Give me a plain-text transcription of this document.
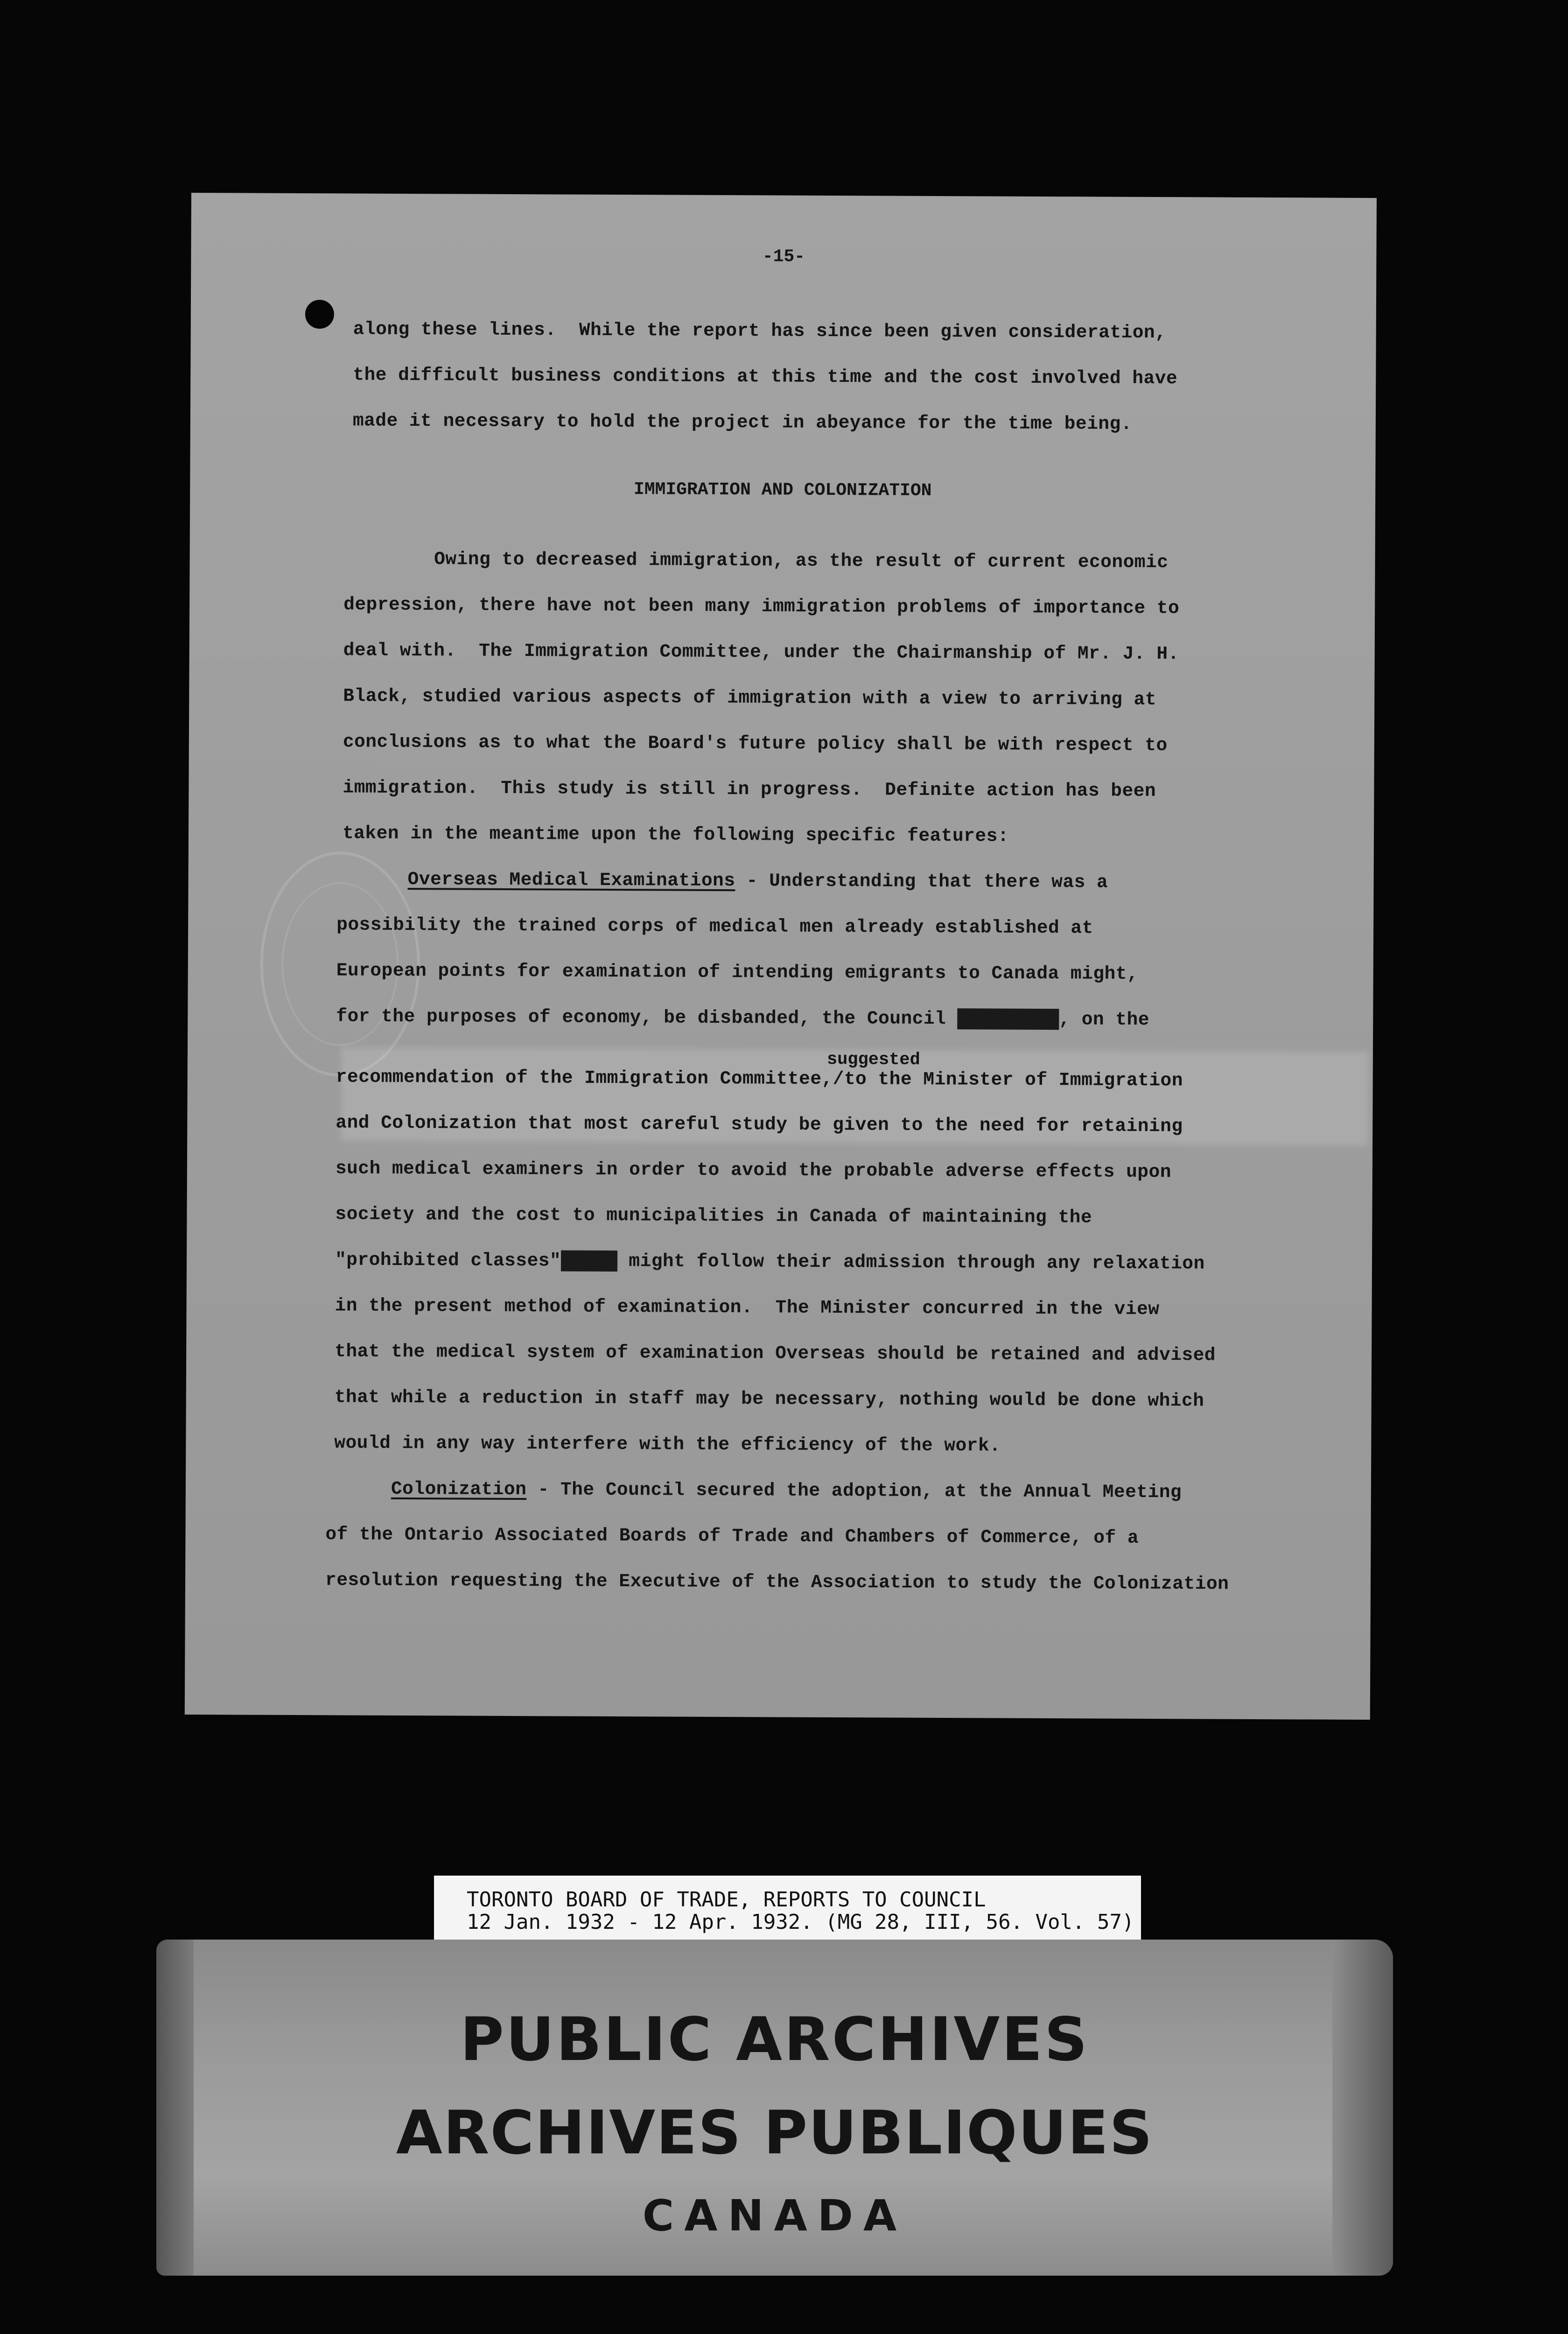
-15-
along these lines.  While the report has since been given consideration,
the difficult business conditions at this time and the cost involved have
made it necessary to hold the project in abeyance for the time being.
IMMIGRATION AND COLONIZATION
Owing to decreased immigration, as the result of current economic
depression, there have not been many immigration problems of importance to
deal with.  The Immigration Committee, under the Chairmanship of Mr. J. H.
Black, studied various aspects of immigration with a view to arriving at
conclusions as to what the Board's future policy shall be with respect to
immigration.  This study is still in progress.  Definite action has been
taken in the meantime upon the following specific features:
Overseas Medical Examinations - Understanding that there was a
possibility the trained corps of medical men already established at
European points for examination of intending emigrants to Canada might,
for the purposes of economy, be disbanded, the Council	, on the
suggested
recommendation of the Immigration Committee,/to the Minister of Immigration
and Colonization that most careful study be given to the need for retaining
such medical examiners in order to avoid the probable adverse effects upon
society and the cost to municipalities in Canada of maintaining the
"prohibited classes"	might follow their admission through any relaxation
in the present method of examination.  The Minister concurred in the view
that the medical system of examination Overseas should be retained and advised
that while a reduction in staff may be necessary, nothing would be done which
would in any way interfere with the efficiency of the work.
Colonization - The Council secured the adoption, at the Annual Meeting
of the Ontario Associated Boards of Trade and Chambers of Commerce, of a
resolution requesting the Executive of the Association to study the Colonization
TORONTO BOARD OF TRADE, REPORTS TO COUNCIL
12 Jan. 1932 - 12 Apr. 1932. (MG 28, III, 56. Vol. 57)
PUBLIC ARCHIVES
ARCHIVES PUBLIQUES
CANADA
